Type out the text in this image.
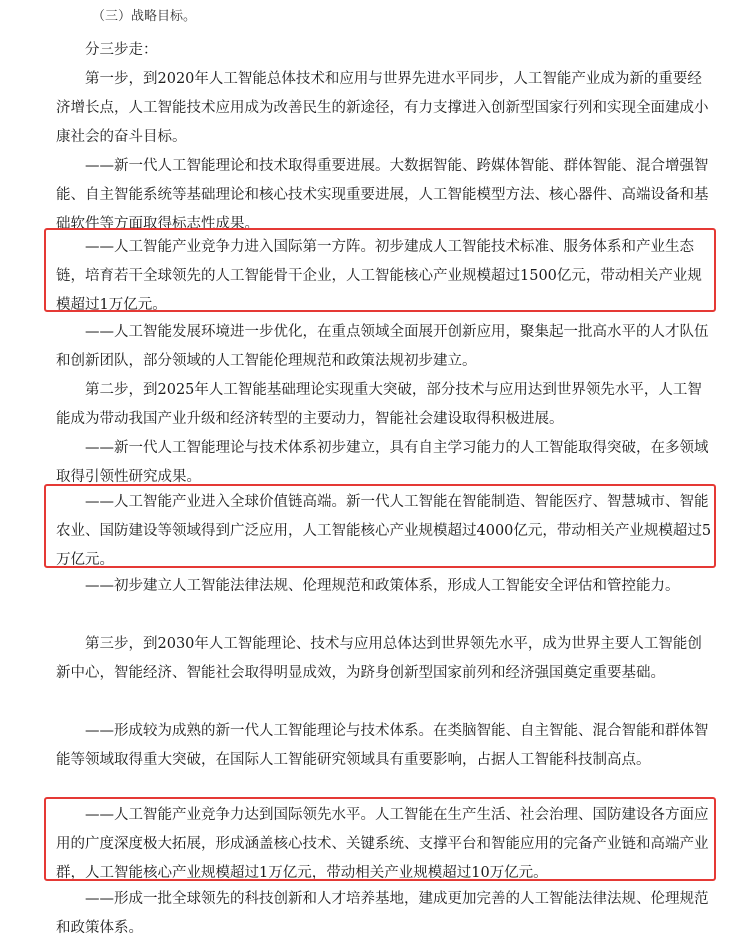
（三）战略目标。
分三步走：
第一步，到2020年人工智能总体技术和应用与世界先进水平同步，人工智能产业成为新的重要经济增长点，人工智能技术应用成为改善民生的新途径，有力支撑进入创新型国家行列和实现全面建成小康社会的奋斗目标。
——新一代人工智能理论和技术取得重要进展。大数据智能、跨媒体智能、群体智能、混合增强智能、自主智能系统等基础理论和核心技术实现重要进展，人工智能模型方法、核心器件、高端设备和基础软件等方面取得标志性成果。
——人工智能产业竞争力进入国际第一方阵。初步建成人工智能技术标准、服务体系和产业生态链，培育若干全球领先的人工智能骨干企业，人工智能核心产业规模超过1500亿元，带动相关产业规模超过1万亿元。
——人工智能发展环境进一步优化，在重点领域全面展开创新应用，聚集起一批高水平的人才队伍和创新团队，部分领域的人工智能伦理规范和政策法规初步建立。
第二步，到2025年人工智能基础理论实现重大突破，部分技术与应用达到世界领先水平，人工智能成为带动我国产业升级和经济转型的主要动力，智能社会建设取得积极进展。
——新一代人工智能理论与技术体系初步建立，具有自主学习能力的人工智能取得突破，在多领域取得引领性研究成果。
——人工智能产业进入全球价值链高端。新一代人工智能在智能制造、智能医疗、智慧城市、智能农业、国防建设等领域得到广泛应用，人工智能核心产业规模超过4000亿元，带动相关产业规模超过5万亿元。
——初步建立人工智能法律法规、伦理规范和政策体系，形成人工智能安全评估和管控能力。
第三步，到2030年人工智能理论、技术与应用总体达到世界领先水平，成为世界主要人工智能创新中心，智能经济、智能社会取得明显成效，为跻身创新型国家前列和经济强国奠定重要基础。
——形成较为成熟的新一代人工智能理论与技术体系。在类脑智能、自主智能、混合智能和群体智能等领域取得重大突破，在国际人工智能研究领域具有重要影响，占据人工智能科技制高点。
——人工智能产业竞争力达到国际领先水平。人工智能在生产生活、社会治理、国防建设各方面应用的广度深度极大拓展，形成涵盖核心技术、关键系统、支撑平台和智能应用的完备产业链和高端产业群，人工智能核心产业规模超过1万亿元，带动相关产业规模超过10万亿元。
——形成一批全球领先的科技创新和人才培养基地，建成更加完善的人工智能法律法规、伦理规范和政策体系。
